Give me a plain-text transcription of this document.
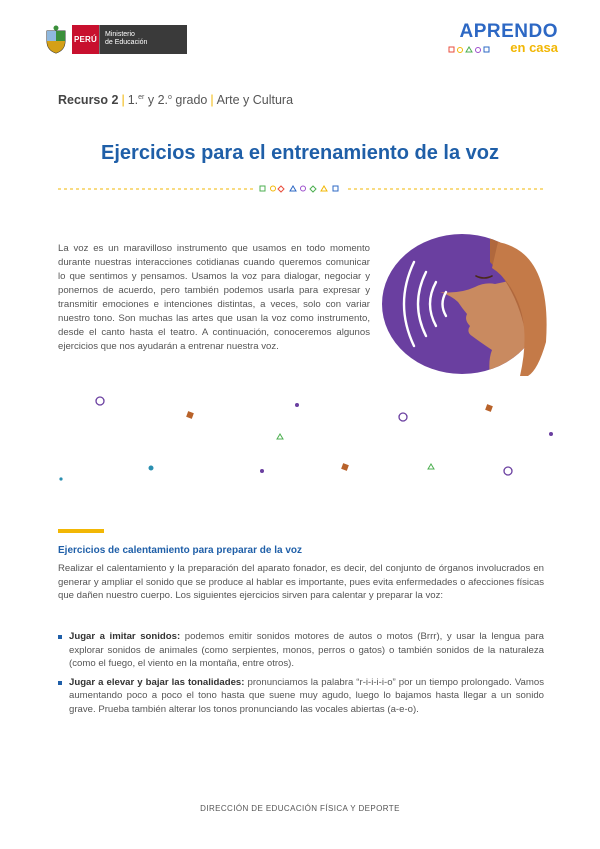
PERÚ
Ministerio
de Educación
APRENDO
en casa
Recurso 2 | 1.$^{er}$ y 2.$^o$ grado | Arte y Cultura
Ejercicios para el entrenamiento de la voz

La voz es un maravilloso instrumento que usamos en todo momento durante nuestras interacciones cotidianas cuando queremos comunicar lo que sentimos y pensamos. Usamos la voz para dialogar, negociar y ponernos de acuerdo, pero también podemos usarla para expresar y transmitir emociones e intenciones distintas, a veces, solo con variar nuestro tono. Son muchas las artes que usan la voz como instrumento, desde el canto hasta el teatro. A continuación, conoceremos algunos ejercicios que nos ayudarán a entrenar nuestra voz.

Ejercicios de calentamiento para preparar de la voz

Realizar el calentamiento y la preparación del aparato fonador, es decir, del conjunto de órganos involucrados en generar y ampliar el sonido que se produce al hablar es importante, pues evita enfermedades o afecciones físicas que dañen nuestro cuerpo. Los siguientes ejercicios sirven para calentar y preparar la voz:

Jugar a imitar sonidos: podemos emitir sonidos motores de autos o motos (Brrr), y usar la lengua para explorar sonidos de animales (como serpientes, monos, perros o gatos) o también sonidos de la naturaleza (como el fuego, el viento en la montaña, entre otros).
Jugar a elevar y bajar las tonalidades: pronunciamos la palabra “r-i-i-i-i-o” por un tiempo prolongado. Vamos aumentando poco a poco el tono hasta que suene muy agudo, luego lo bajamos hasta llegar a un sonido grave. Prueba también alterar los tonos pronunciando las vocales abiertas (a-e-o).
DIRECCIÓN DE EDUCACIÓN FÍSICA Y DEPORTE
